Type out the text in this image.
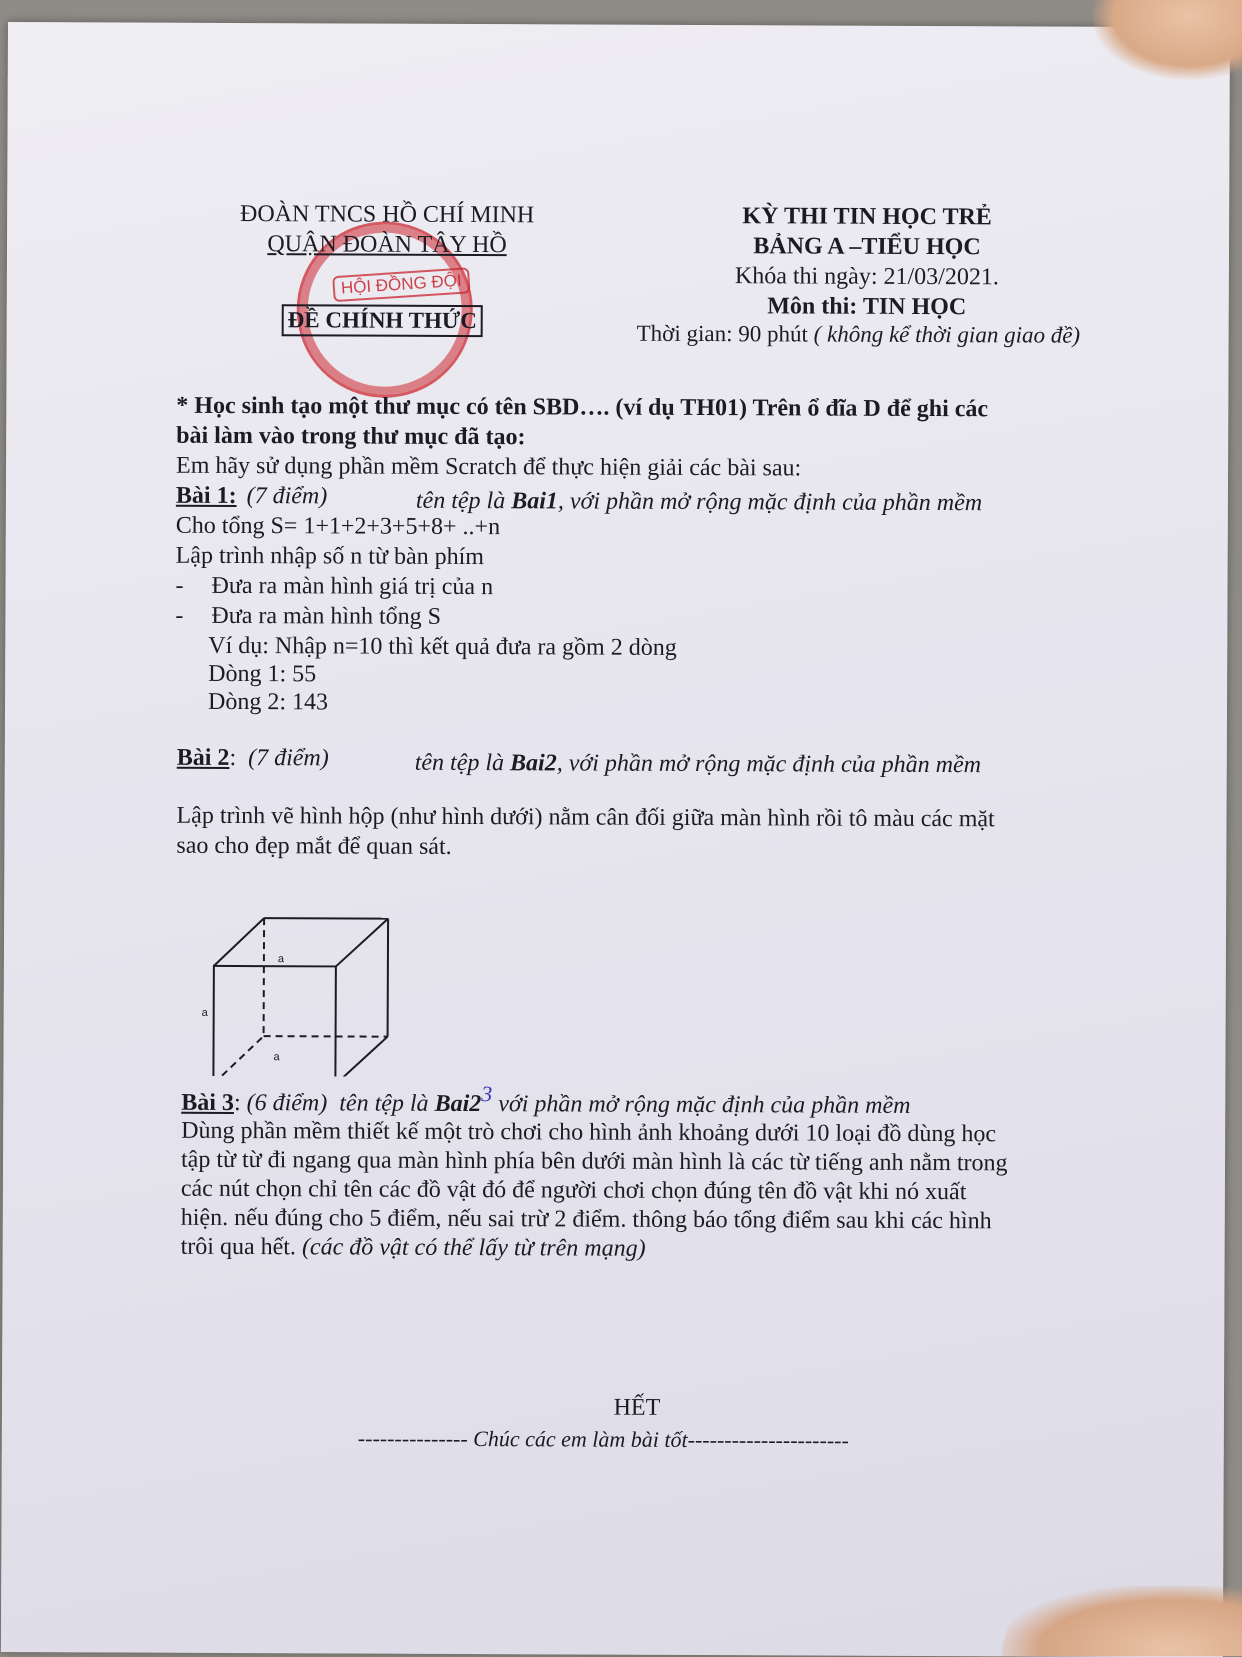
HỘI ĐỒNG ĐỘI
ĐOÀN TNCS HỒ CHÍ MINH
QUẬN ĐOÀN TÂY HỒ
ĐỀ CHÍNH THỨC
KỲ THI TIN HỌC TRẺ
BẢNG A –TIỂU HỌC
Khóa thi ngày: 21/03/2021.
Môn thi: TIN HỌC
Thời gian: 90 phút ( không kể thời gian giao đề)
* Học sinh tạo một thư mục có tên SBD…. (ví dụ TH01) Trên ổ đĩa D để ghi các
bài làm vào trong thư mục đã tạo:
Em hãy sử dụng phần mềm Scratch để thực hiện giải các bài sau:
Bài 1: (7 điểm)	tên tệp là Bai1, với phần mở rộng mặc định của phần mềm
Cho tổng S= 1+1+2+3+5+8+ ..+n
Lập trình nhập số n từ bàn phím
- Đưa ra màn hình giá trị của n
- Đưa ra màn hình tổng S
Ví dụ: Nhập n=10 thì kết quả đưa ra gồm 2 dòng
Dòng 1: 55
Dòng 2: 143
Bài 2: (7 điểm)	tên tệp là Bai2, với phần mở rộng mặc định của phần mềm
Lập trình vẽ hình hộp (như hình dưới) nằm cân đối giữa màn hình rồi tô màu các mặt
sao cho đẹp mắt để quan sát.
a
a
a
Bài 3: (6 điểm) tên tệp là Bai23 với phần mở rộng mặc định của phần mềm
Dùng phần mềm thiết kế một trò chơi cho hình ảnh khoảng dưới 10 loại đồ dùng học
tập từ từ đi ngang qua màn hình phía bên dưới màn hình là các từ tiếng anh nằm trong
các nút chọn chỉ tên các đồ vật đó để người chơi chọn đúng tên đồ vật khi nó xuất
hiện. nếu đúng cho 5 điểm, nếu sai trừ 2 điểm. thông báo tổng điểm sau khi các hình
trôi qua hết. (các đồ vật có thể lấy từ trên mạng)
HẾT
--------------- Chúc các em làm bài tốt----------------------
